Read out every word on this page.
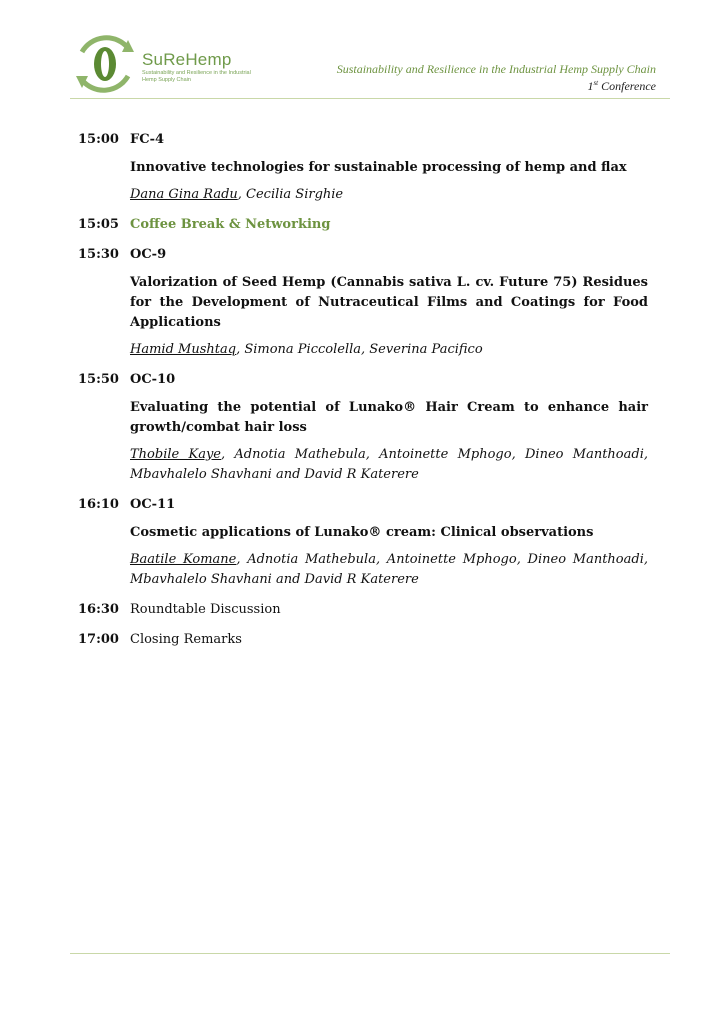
SuReHemp
Sustainability and Resilience in the Industrial Hemp Supply Chain
Sustainability and Resilience in the Industrial Hemp Supply Chain
1st Conference
15:00 FC-4
Innovative technologies for sustainable processing of hemp and flax
Dana Gina Radu, Cecilia Sirghie
15:05 Coffee Break & Networking
15:30 OC-9
Valorization of Seed Hemp (Cannabis sativa L. cv. Future 75) Residues for the Development of Nutraceutical Films and Coatings for Food Applications
Hamid Mushtaq, Simona Piccolella, Severina Pacifico
15:50 OC-10
Evaluating the potential of Lunako® Hair Cream to enhance hair growth/combat hair loss
Thobile Kaye, Adnotia Mathebula, Antoinette Mphogo, Dineo Manthoadi, Mbavhalelo Shavhani and David R Katerere
16:10 OC-11
Cosmetic applications of Lunako® cream: Clinical observations
Baatile Komane, Adnotia Mathebula, Antoinette Mphogo, Dineo Manthoadi, Mbavhalelo Shavhani and David R Katerere
16:30 Roundtable Discussion
17:00 Closing Remarks
